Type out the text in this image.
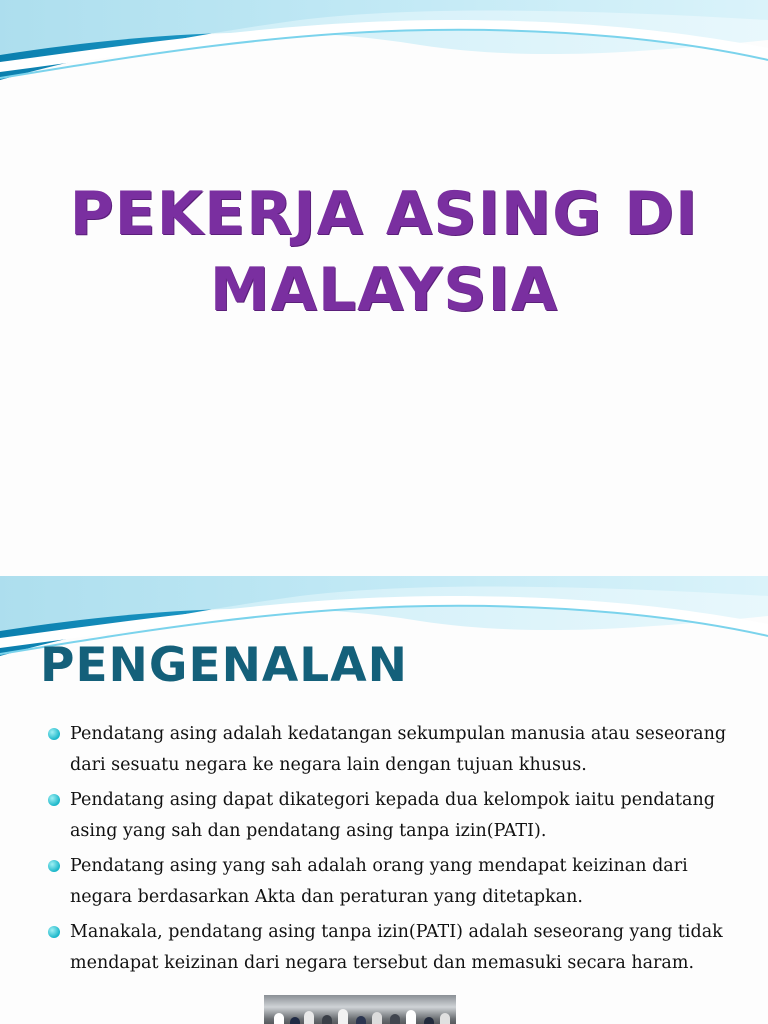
PEKERJA ASING DI
MALAYSIA
PENGENALAN
Pendatang asing adalah kedatangan sekumpulan manusia atau seseorang dari sesuatu negara ke negara lain dengan tujuan khusus.
Pendatang asing dapat dikategori kepada dua kelompok iaitu pendatang asing yang sah dan pendatang asing tanpa izin(PATI).
Pendatang asing yang sah adalah orang yang mendapat keizinan dari negara berdasarkan Akta dan peraturan yang ditetapkan.
Manakala, pendatang asing tanpa izin(PATI) adalah seseorang yang tidak mendapat keizinan dari negara tersebut dan memasuki secara haram.
